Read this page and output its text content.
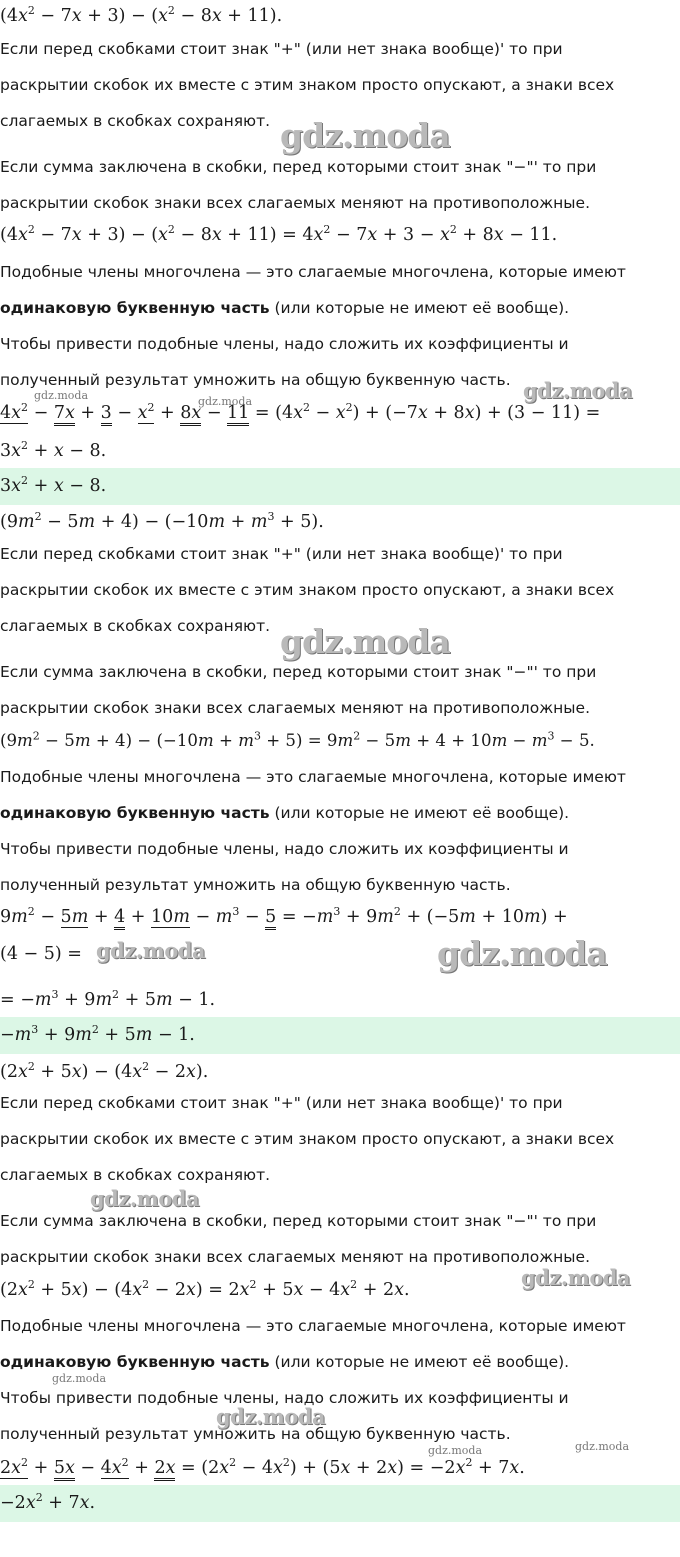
$(4x^2 - 7x + 3) - (x^2 - 8x + 11)$.
Если перед скобками стоит знак "+" (или нет знака вообще)' то при
раскрытии скобок их вместе с этим знаком просто опускают, а знаки всех
слагаемых в скобках сохраняют. gdz.moda
Если сумма заключена в скобки, перед которыми стоит знак "−"' то при
раскрытии скобок знаки всех слагаемых меняют на противоположные.
$(4x^2 - 7x + 3) - (x^2 - 8x + 11) = 4x^2 - 7x + 3 - x^2 + 8x - 11$.
Подобные члены многочлена — это слагаемые многочлена, которые имеют
одинаковую буквенную часть (или которые не имеют её вообще).
Чтобы привести подобные члены, надо сложить их коэффициенты и
полученный результат умножить на общую буквенную часть. gdz.moda
gdz.moda	gdz.moda
$4x^2 - 7x + 3 - x^2 + 8x - 11 = (4x^2 - x^2) + (-7x + 8x) + (3 - 11)$ =
$3x^2 + x - 8$.
$3x^2 + x - 8$.
$(9m^2 - 5m + 4) - (-10m + m^3 + 5)$.
Если перед скобками стоит знак "+" (или нет знака вообще)' то при
раскрытии скобок их вместе с этим знаком просто опускают, а знаки всех
слагаемых в скобках сохраняют. gdz.moda
Если сумма заключена в скобки, перед которыми стоит знак "−"' то при
раскрытии скобок знаки всех слагаемых меняют на противоположные.
$(9m^2 - 5m + 4) - (-10m + m^3 + 5) = 9m^2 - 5m + 4 + 10m - m^3 - 5$.
Подобные члены многочлена — это слагаемые многочлена, которые имеют
одинаковую буквенную часть (или которые не имеют её вообще).
Чтобы привести подобные члены, надо сложить их коэффициенты и
полученный результат умножить на общую буквенную часть.
$9m^2 - 5m + 4 + 10m - m^3 - 5 = -m^3 + 9m^2 + (-5m + 10m)$ +
(4 − 5) = gdz.moda	gdz.moda
= $-m^3 + 9m^2 + 5m - 1$.
$-m^3 + 9m^2 + 5m - 1$.
$(2x^2 + 5x) - (4x^2 - 2x)$.
Если перед скобками стоит знак "+" (или нет знака вообще)' то при
раскрытии скобок их вместе с этим знаком просто опускают, а знаки всех
слагаемых в скобках сохраняют.
gdz.moda
Если сумма заключена в скобки, перед которыми стоит знак "−"' то при
раскрытии скобок знаки всех слагаемых меняют на противоположные.
gdz.moda
$(2x^2 + 5x) - (4x^2 - 2x) = 2x^2 + 5x - 4x^2 + 2x$.
Подобные члены многочлена — это слагаемые многочлена, которые имеют
одинаковую буквенную часть (или которые не имеют её вообще).
gdz.moda
Чтобы привести подобные члены, надо сложить их коэффициенты и
gdz.moda
полученный результат умножить на общую буквенную часть.
gdz.moda
gdz.moda
$2x^2 + 5x - 4x^2 + 2x = (2x^2 - 4x^2) + (5x + 2x) = -2x^2 + 7x$.
$-2x^2 + 7x$.
